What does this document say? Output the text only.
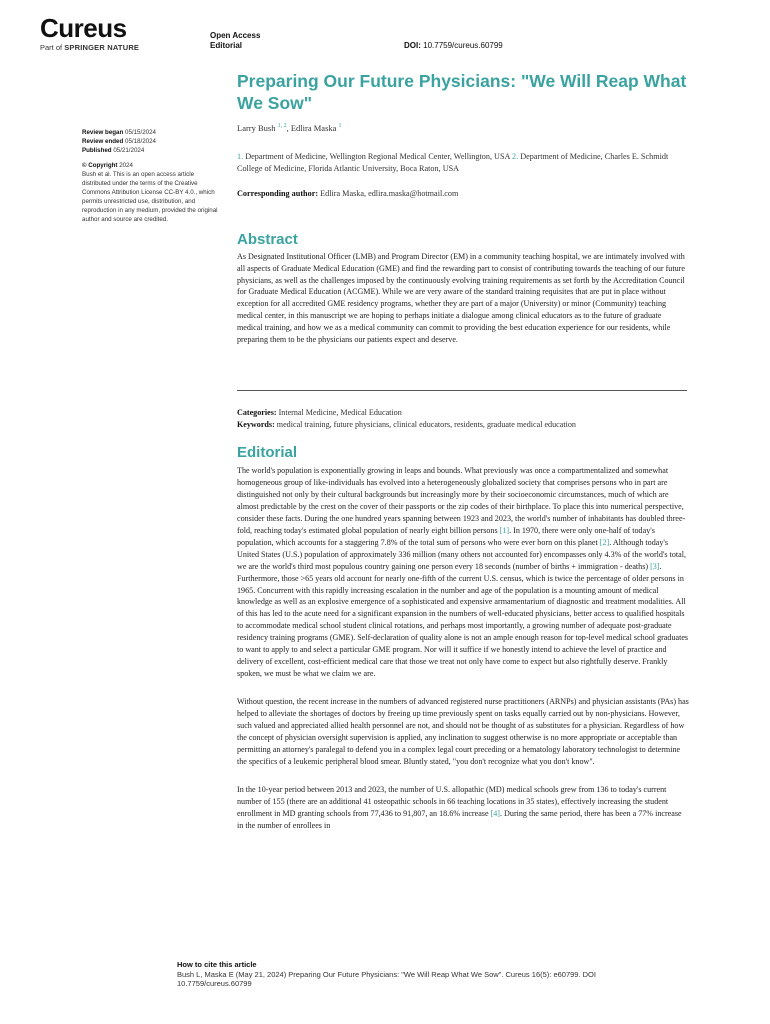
Cureus
Part of SPRINGER NATURE
Open Access
Editorial	DOI: 10.7759/cureus.60799
Preparing Our Future Physicians: "We Will Reap What We Sow"
Larry Bush $^{1, 2}$, Edlira Maska $^1$
Review began 05/15/2024
Review ended 05/18/2024
Published 05/21/2024
© Copyright 2024
Bush et al. This is an open access article distributed under the terms of the Creative Commons Attribution License CC-BY 4.0., which permits unrestricted use, distribution, and reproduction in any medium, provided the original author and source are credited.
1. Department of Medicine, Wellington Regional Medical Center, Wellington, USA 2. Department of Medicine, Charles E. Schmidt College of Medicine, Florida Atlantic University, Boca Raton, USA
Corresponding author: Edlira Maska, edlira.maska@hotmail.com
Abstract
As Designated Institutional Officer (LMB) and Program Director (EM) in a community teaching hospital, we are intimately involved with all aspects of Graduate Medical Education (GME) and find the rewarding part to consist of contributing towards the teaching of our future physicians, as well as the challenges imposed by the continuously evolving training requirements as set forth by the Accreditation Council for Graduate Medical Education (ACGME). While we are very aware of the standard training requisites that are put in place without exception for all accredited GME residency programs, whether they are part of a major (University) or minor (Community) teaching medical center, in this manuscript we are hoping to perhaps initiate a dialogue among clinical educators as to the future of graduate medical training, and how we as a medical community can commit to providing the best education experience for our residents, while preparing them to be the physicians our patients expect and deserve.
Categories: Internal Medicine, Medical Education
Keywords: medical training, future physicians, clinical educators, residents, graduate medical education
Editorial

The world's population is exponentially growing in leaps and bounds. What previously was once a compartmentalized and somewhat homogeneous group of like-individuals has evolved into a heterogeneously globalized society that comprises persons who in part are distinguished not only by their cultural backgrounds but increasingly more by their socioeconomic circumstances, much of which are almost predictable by the crest on the cover of their passports or the zip codes of their birthplace. To place this into numerical perspective, consider these facts. During the one hundred years spanning between 1923 and 2023, the world's number of inhabitants has doubled three-fold, reaching today's estimated global population of nearly eight billion persons [1]. In 1970, there were only one-half of today's population, which accounts for a staggering 7.8% of the total sum of persons who were ever born on this planet [2]. Although today's United States (U.S.) population of approximately 336 million (many others not accounted for) encompasses only 4.3% of the world's total, we are the world's third most populous country gaining one person every 18 seconds (number of births + immigration - deaths) [3]. Furthermore, those >65 years old account for nearly one-fifth of the current U.S. census, which is twice the percentage of older persons in 1965. Concurrent with this rapidly increasing escalation in the number and age of the population is a mounting amount of medical knowledge as well as an explosive emergence of a sophisticated and expensive armamentarium of diagnostic and treatment modalities. All of this has led to the acute need for a significant expansion in the numbers of well-educated physicians, better access to qualified hospitals to accommodate medical school student clinical rotations, and perhaps most importantly, a growing number of adequate post-graduate residency training programs (GME). Self-declaration of quality alone is not an ample enough reason for top-level medical school graduates to want to apply to and select a particular GME program. Nor will it suffice if we honestly intend to achieve the level of practice and delivery of excellent, cost-efficient medical care that those we treat not only have come to expect but also rightfully deserve. Frankly spoken, we must be what we claim we are.

Without question, the recent increase in the numbers of advanced registered nurse practitioners (ARNPs) and physician assistants (PAs) has helped to alleviate the shortages of doctors by freeing up time previously spent on tasks equally carried out by non-physicians. However, such valued and appreciated allied health personnel are not, and should not be thought of as substitutes for a physician. Regardless of how the concept of physician oversight supervision is applied, any inclination to suggest otherwise is no more appropriate or acceptable than permitting an attorney's paralegal to defend you in a complex legal court preceding or a hematology laboratory technologist to determine the specifics of a leukemic peripheral blood smear. Bluntly stated, "you don't recognize what you don't know".

In the 10-year period between 2013 and 2023, the number of U.S. allopathic (MD) medical schools grew from 136 to today's current number of 155 (there are an additional 41 osteopathic schools in 66 teaching locations in 35 states), effectively increasing the student enrollment in MD granting schools from 77,436 to 91,807, an 18.6% increase [4]. During the same period, there has been a 77% increase in the number of enrollees in

How to cite this article
Bush L, Maska E (May 21, 2024) Preparing Our Future Physicians: "We Will Reap What We Sow". Cureus 16(5): e60799. DOI 10.7759/cureus.60799
